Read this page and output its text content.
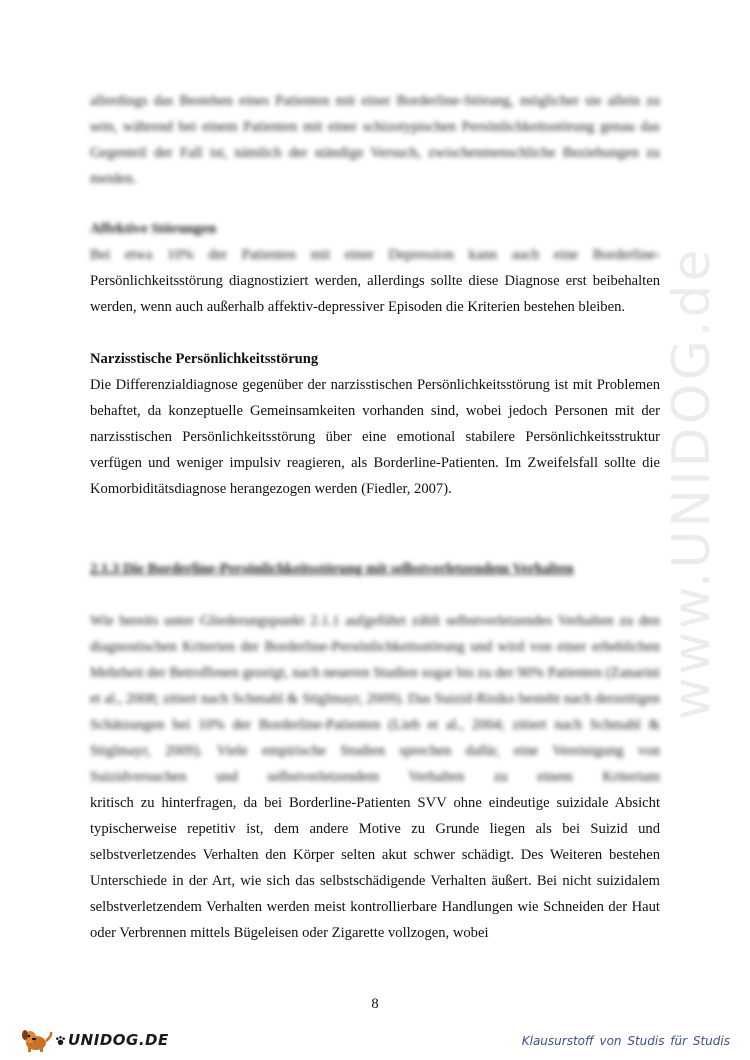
www.UNIDOG.de

allerdings das Bestehen eines Patienten mit einer Borderline-Störung, möglicher sie allein zu sein, während bei einem Patienten mit einer schizotypischen Persönlichkeitsstörung genau das Gegenteil der Fall ist, nämlich der ständige Versuch, zwischenmenschliche Beziehungen zu meiden.

Affektive Störungen

Bei etwa 10% der Patienten mit einer Depression kann auch eine Borderline-

Persönlichkeitsstörung diagnostiziert werden, allerdings sollte diese Diagnose erst beibehalten werden, wenn auch außerhalb affektiv-depressiver Episoden die Kriterien bestehen bleiben.

Narzisstische Persönlichkeitsstörung

Die Differenzialdiagnose gegenüber der narzisstischen Persönlichkeitsstörung ist mit Problemen behaftet, da konzeptuelle Gemeinsamkeiten vorhanden sind, wobei jedoch Personen mit der narzisstischen Persönlichkeitsstörung über eine emotional stabilere Persönlichkeitsstruktur verfügen und weniger impulsiv reagieren, als Borderline-Patienten. Im Zweifelsfall sollte die Komorbiditätsdiagnose herangezogen werden (Fiedler, 2007).

2.1.3 Die Borderline-Persönlichkeitsstörung mit selbstverletzendem Verhalten

Wie bereits unter Gliederungspunkt 2.1.1 aufgeführt zählt selbstverletzendes Verhalten zu den diagnostischen Kriterien der Borderline-Persönlichkeitsstörung und wird von einer erheblichen Mehrheit der Betroffenen gezeigt, nach neueren Studien sogar bis zu der 90% Patienten (Zanarini et al., 2008; zitiert nach Schmahl & Stiglmayr, 2009). Das Suizid-Risiko besteht nach derzeitigen Schätzungen bei 10% der Borderline-Patienten (Lieb et al., 2004; zitiert nach Schmahl & Stiglmayr, 2009). Viele empirische Studien sprechen dafür, eine Vereinigung von Suizidversuchen und selbstverletzendem Verhalten zu einem Kriterium

kritisch zu hinterfragen, da bei Borderline-Patienten SVV ohne eindeutige suizidale Absicht typischerweise repetitiv ist, dem andere Motive zu Grunde liegen als bei Suizid und selbstverletzendes Verhalten den Körper selten akut schwer schädigt. Des Weiteren bestehen Unterschiede in der Art, wie sich das selbstschädigende Verhalten äußert. Bei nicht suizidalem selbstverletzendem Verhalten werden meist kontrollierbare Handlungen wie Schneiden der Haut oder Verbrennen mittels Bügeleisen oder Zigarette vollzogen, wobei

8
UNIDOG.DE	Klausurstoff von Studis für Studis
